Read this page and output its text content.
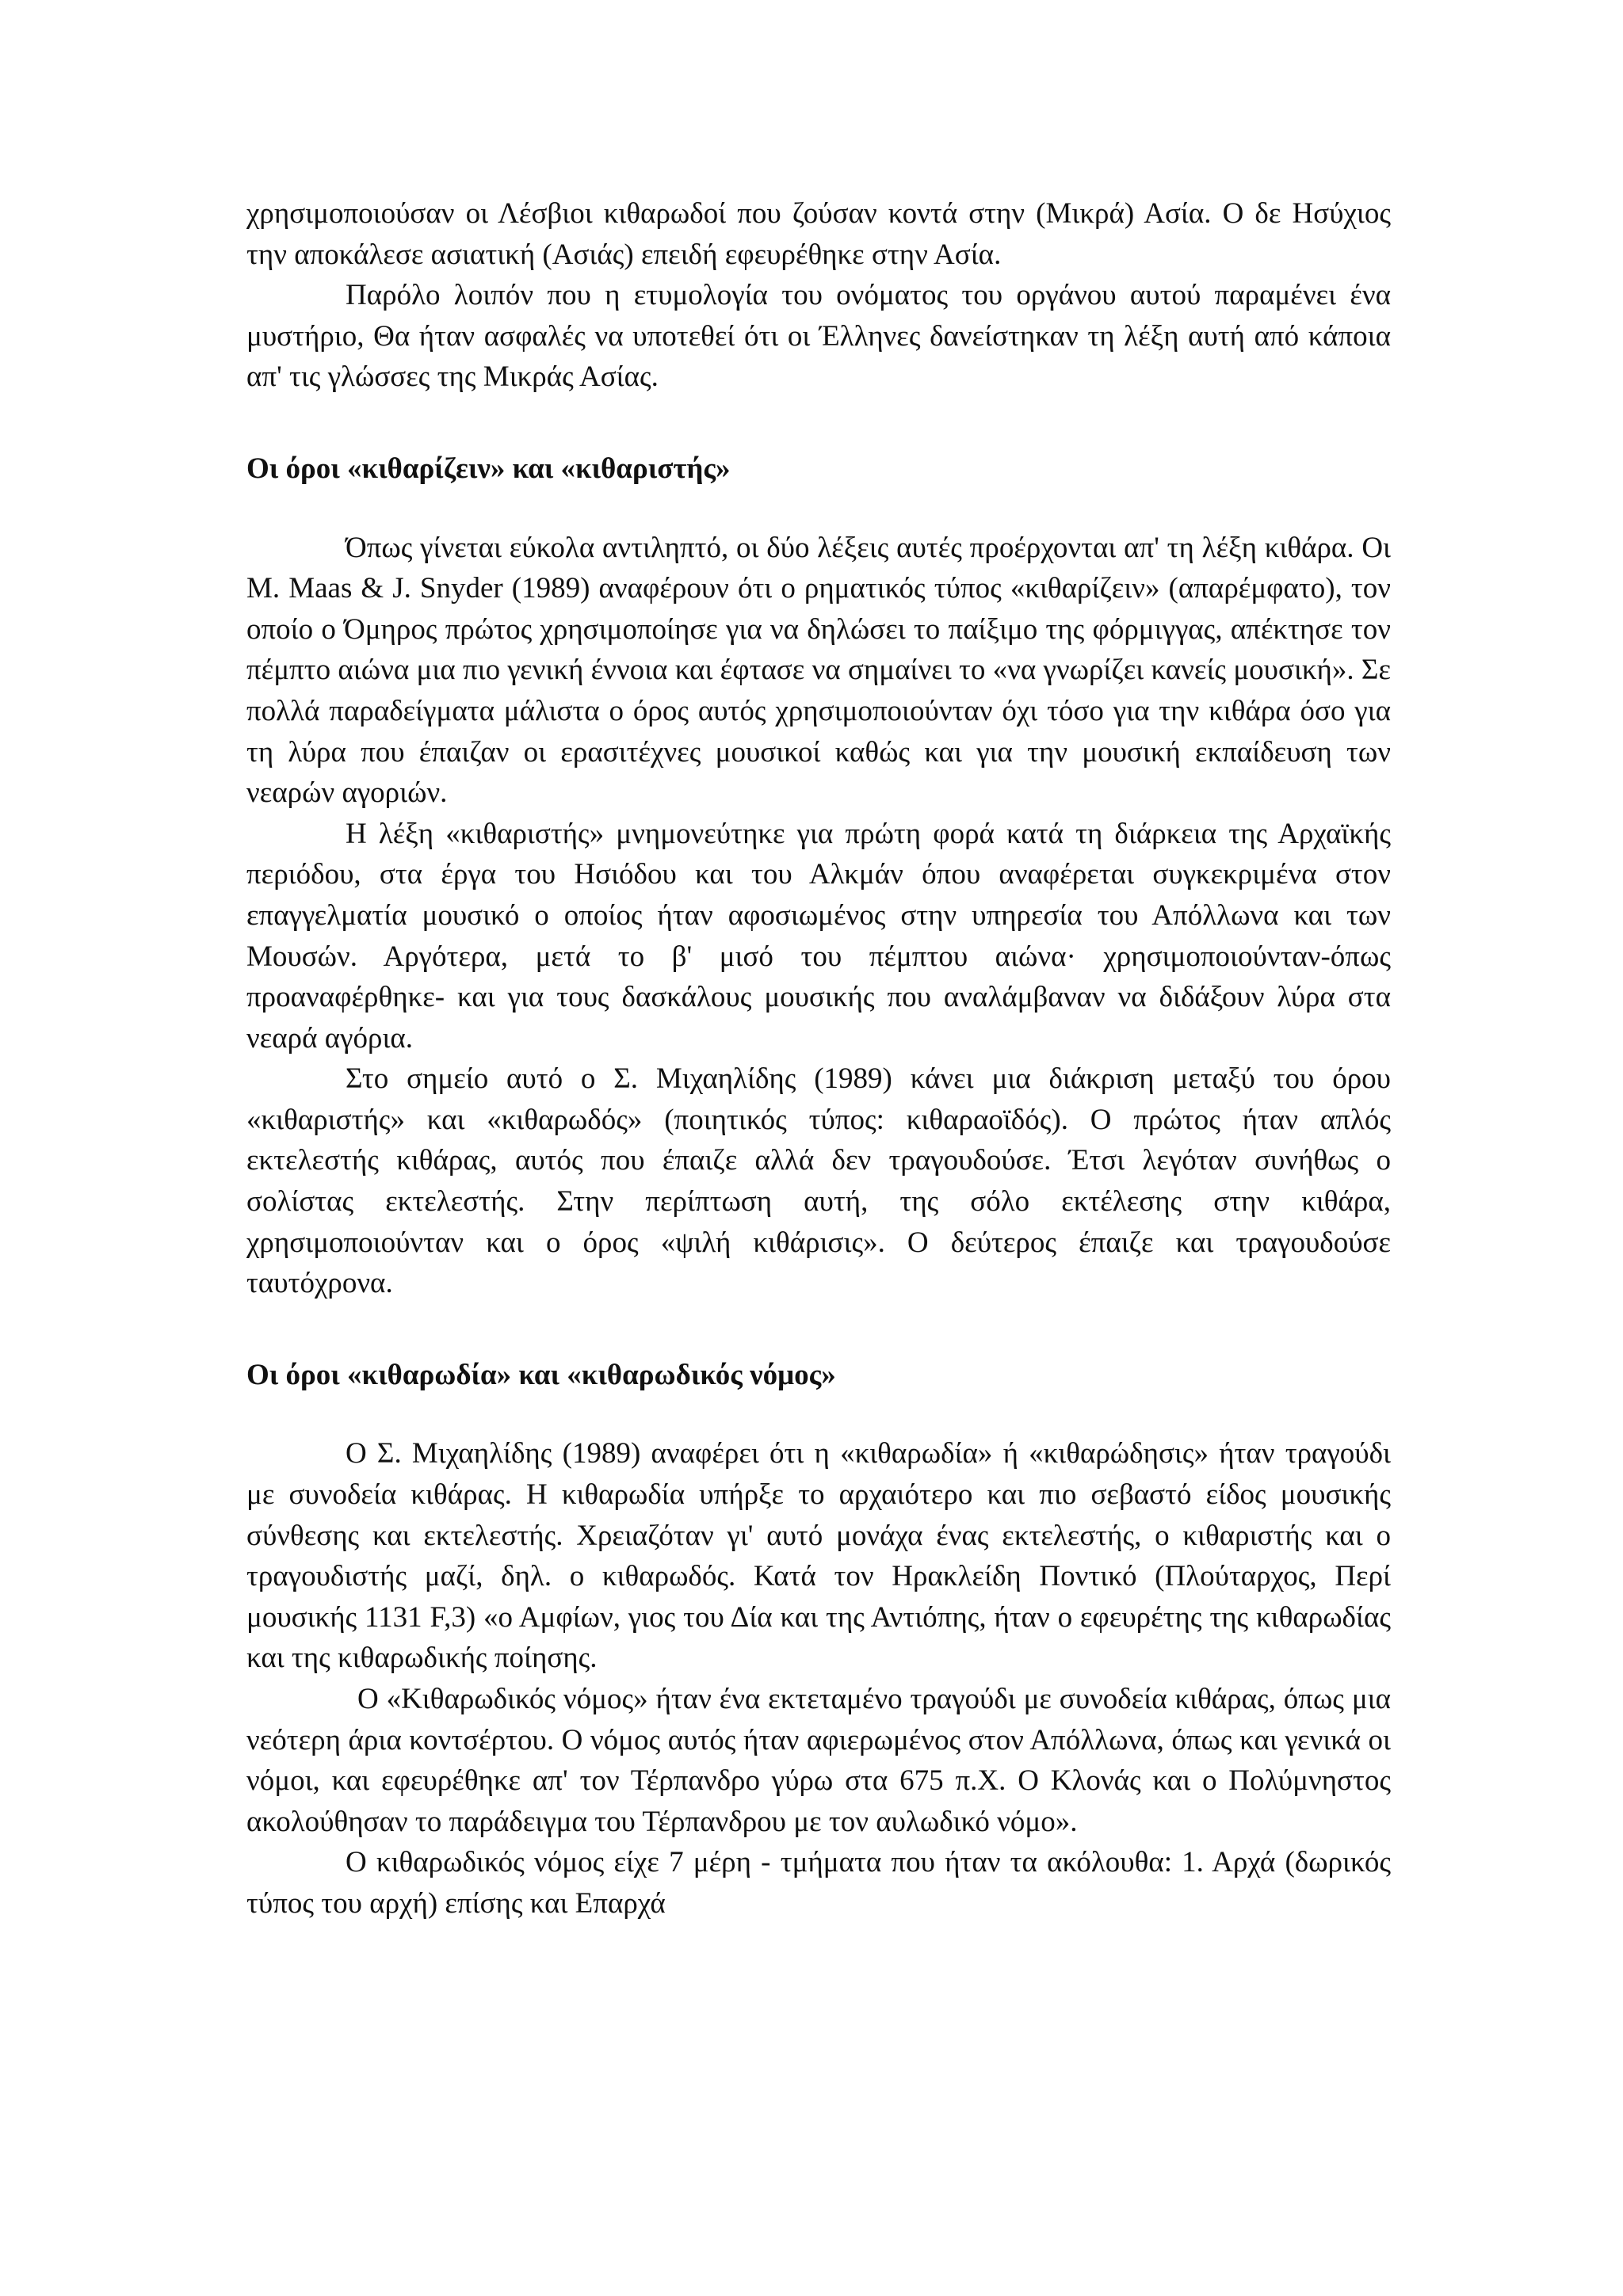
χρησιμοποιούσαν οι Λέσβιοι κιθαρωδοί που ζούσαν κοντά στην (Μικρά) Ασία. Ο δε Ησύχιος την αποκάλεσε ασιατική (Ασιάς) επειδή εφευρέθηκε στην Ασία.

Παρόλο λοιπόν που η ετυμολογία του ονόματος του οργάνου αυτού παραμένει ένα μυστήριο, Θα ήταν ασφαλές να υποτεθεί ότι οι Έλληνες δανείστηκαν τη λέξη αυτή από κάποια απ' τις γλώσσες της Μικράς Ασίας.

Οι όροι «κιθαρίζειν» και «κιθαριστής»

Όπως γίνεται εύκολα αντιληπτό, οι δύο λέξεις αυτές προέρχονται απ' τη λέξη κιθάρα. Οι M. Maas & J. Snyder (1989) αναφέρουν ότι ο ρηματικός τύπος «κιθαρίζειν» (απαρέμφατο), τον οποίο ο Όμηρος πρώτος χρησιμοποίησε για να δηλώσει το παίξιμο της φόρμιγγας, απέκτησε τον πέμπτο αιώνα μια πιο γενική έννοια και έφτασε να σημαίνει το «να γνωρίζει κανείς μουσική». Σε πολλά παραδείγματα μάλιστα ο όρος αυτός χρησιμοποιούνταν όχι τόσο για την κιθάρα όσο για τη λύρα που έπαιζαν οι ερασιτέχνες μουσικοί καθώς και για την μουσική εκπαίδευση των νεαρών αγοριών.

Η λέξη «κιθαριστής» μνημονεύτηκε για πρώτη φορά κατά τη διάρκεια της Αρχαϊκής περιόδου, στα έργα του Ησιόδου και του Αλκμάν όπου αναφέρεται συγκεκριμένα στον επαγγελματία μουσικό ο οποίος ήταν αφοσιωμένος στην υπηρεσία του Απόλλωνα και των Μουσών. Αργότερα, μετά το β' μισό του πέμπτου αιώνα· χρησιμοποιούνταν-όπως προαναφέρθηκε- και για τους δασκάλους μουσικής που αναλάμβαναν να διδάξουν λύρα στα νεαρά αγόρια.

Στο σημείο αυτό ο Σ. Μιχαηλίδης (1989) κάνει μια διάκριση μεταξύ του όρου «κιθαριστής» και «κιθαρωδός» (ποιητικός τύπος: κιθαραοϊδός). Ο πρώτος ήταν απλός εκτελεστής κιθάρας, αυτός που έπαιζε αλλά δεν τραγουδούσε. Έτσι λεγόταν συνήθως ο σολίστας εκτελεστής. Στην περίπτωση αυτή, της σόλο εκτέλεσης στην κιθάρα, χρησιμοποιούνταν και ο όρος «ψιλή κιθάρισις». Ο δεύτερος έπαιζε και τραγουδούσε ταυτόχρονα.

Οι όροι «κιθαρωδία» και «κιθαρωδικός νόμος»

Ο Σ. Μιχαηλίδης (1989) αναφέρει ότι η «κιθαρωδία» ή «κιθαρώδησις» ήταν τραγούδι με συνοδεία κιθάρας. Η κιθαρωδία υπήρξε το αρχαιότερο και πιο σεβαστό είδος μουσικής σύνθεσης και εκτελεστής. Χρειαζόταν γι' αυτό μονάχα ένας εκτελεστής, ο κιθαριστής και ο τραγουδιστής μαζί, δηλ. ο κιθαρωδός. Κατά τον Ηρακλείδη Ποντικό (Πλούταρχος, Περί μουσικής 1131 F,3) «ο Αμφίων, γιος του Δία και της Αντιόπης, ήταν ο εφευρέτης της κιθαρωδίας και της κιθαρωδικής ποίησης.

Ο «Κιθαρωδικός νόμος» ήταν ένα εκτεταμένο τραγούδι με συνοδεία κιθάρας, όπως μια νεότερη άρια κοντσέρτου. Ο νόμος αυτός ήταν αφιερωμένος στον Απόλλωνα, όπως και γενικά οι νόμοι, και εφευρέθηκε απ' τον Τέρπανδρο γύρω στα 675 π.Χ. Ο Κλονάς και ο Πολύμνηστος ακολούθησαν το παράδειγμα του Τέρπανδρου με τον αυλωδικό νόμο».

Ο κιθαρωδικός νόμος είχε 7 μέρη - τμήματα που ήταν τα ακόλουθα: 1. Αρχά (δωρικός τύπος του αρχή) επίσης και Επαρχά
